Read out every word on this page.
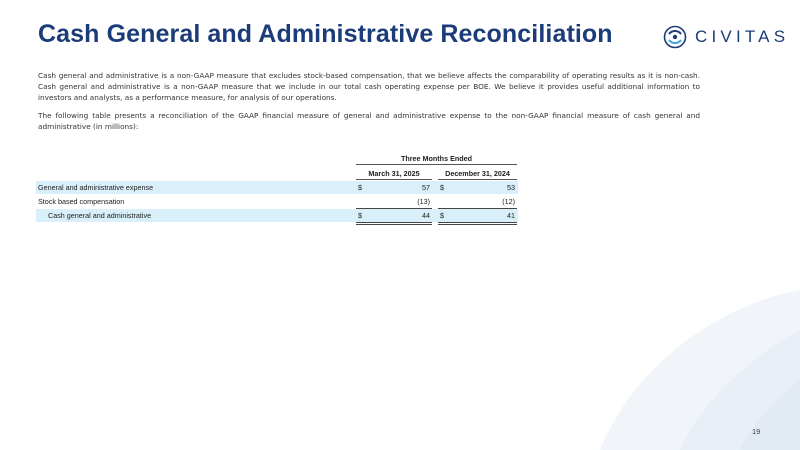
Cash General and Administrative Reconciliation	CIVITAS

Cash general and administrative is a non-GAAP measure that excludes stock-based compensation, that we believe affects the comparability of operating results as it is non-cash. Cash general and administrative is a non-GAAP measure that we include in our total cash operating expense per BOE. We believe it provides useful additional information to investors and analysts, as a performance measure, for analysis of our operations.

The following table presents a reconciliation of the GAAP financial measure of general and administrative expense to the non-GAAP financial measure of cash general and administrative (in millions):

Three Months Ended
March 31, 2025	December 31, 2024
General and administrative expense	$	57 $	53
Stock based compensation	(13)	(12)
Cash general and administrative	$	44 $	41
19
